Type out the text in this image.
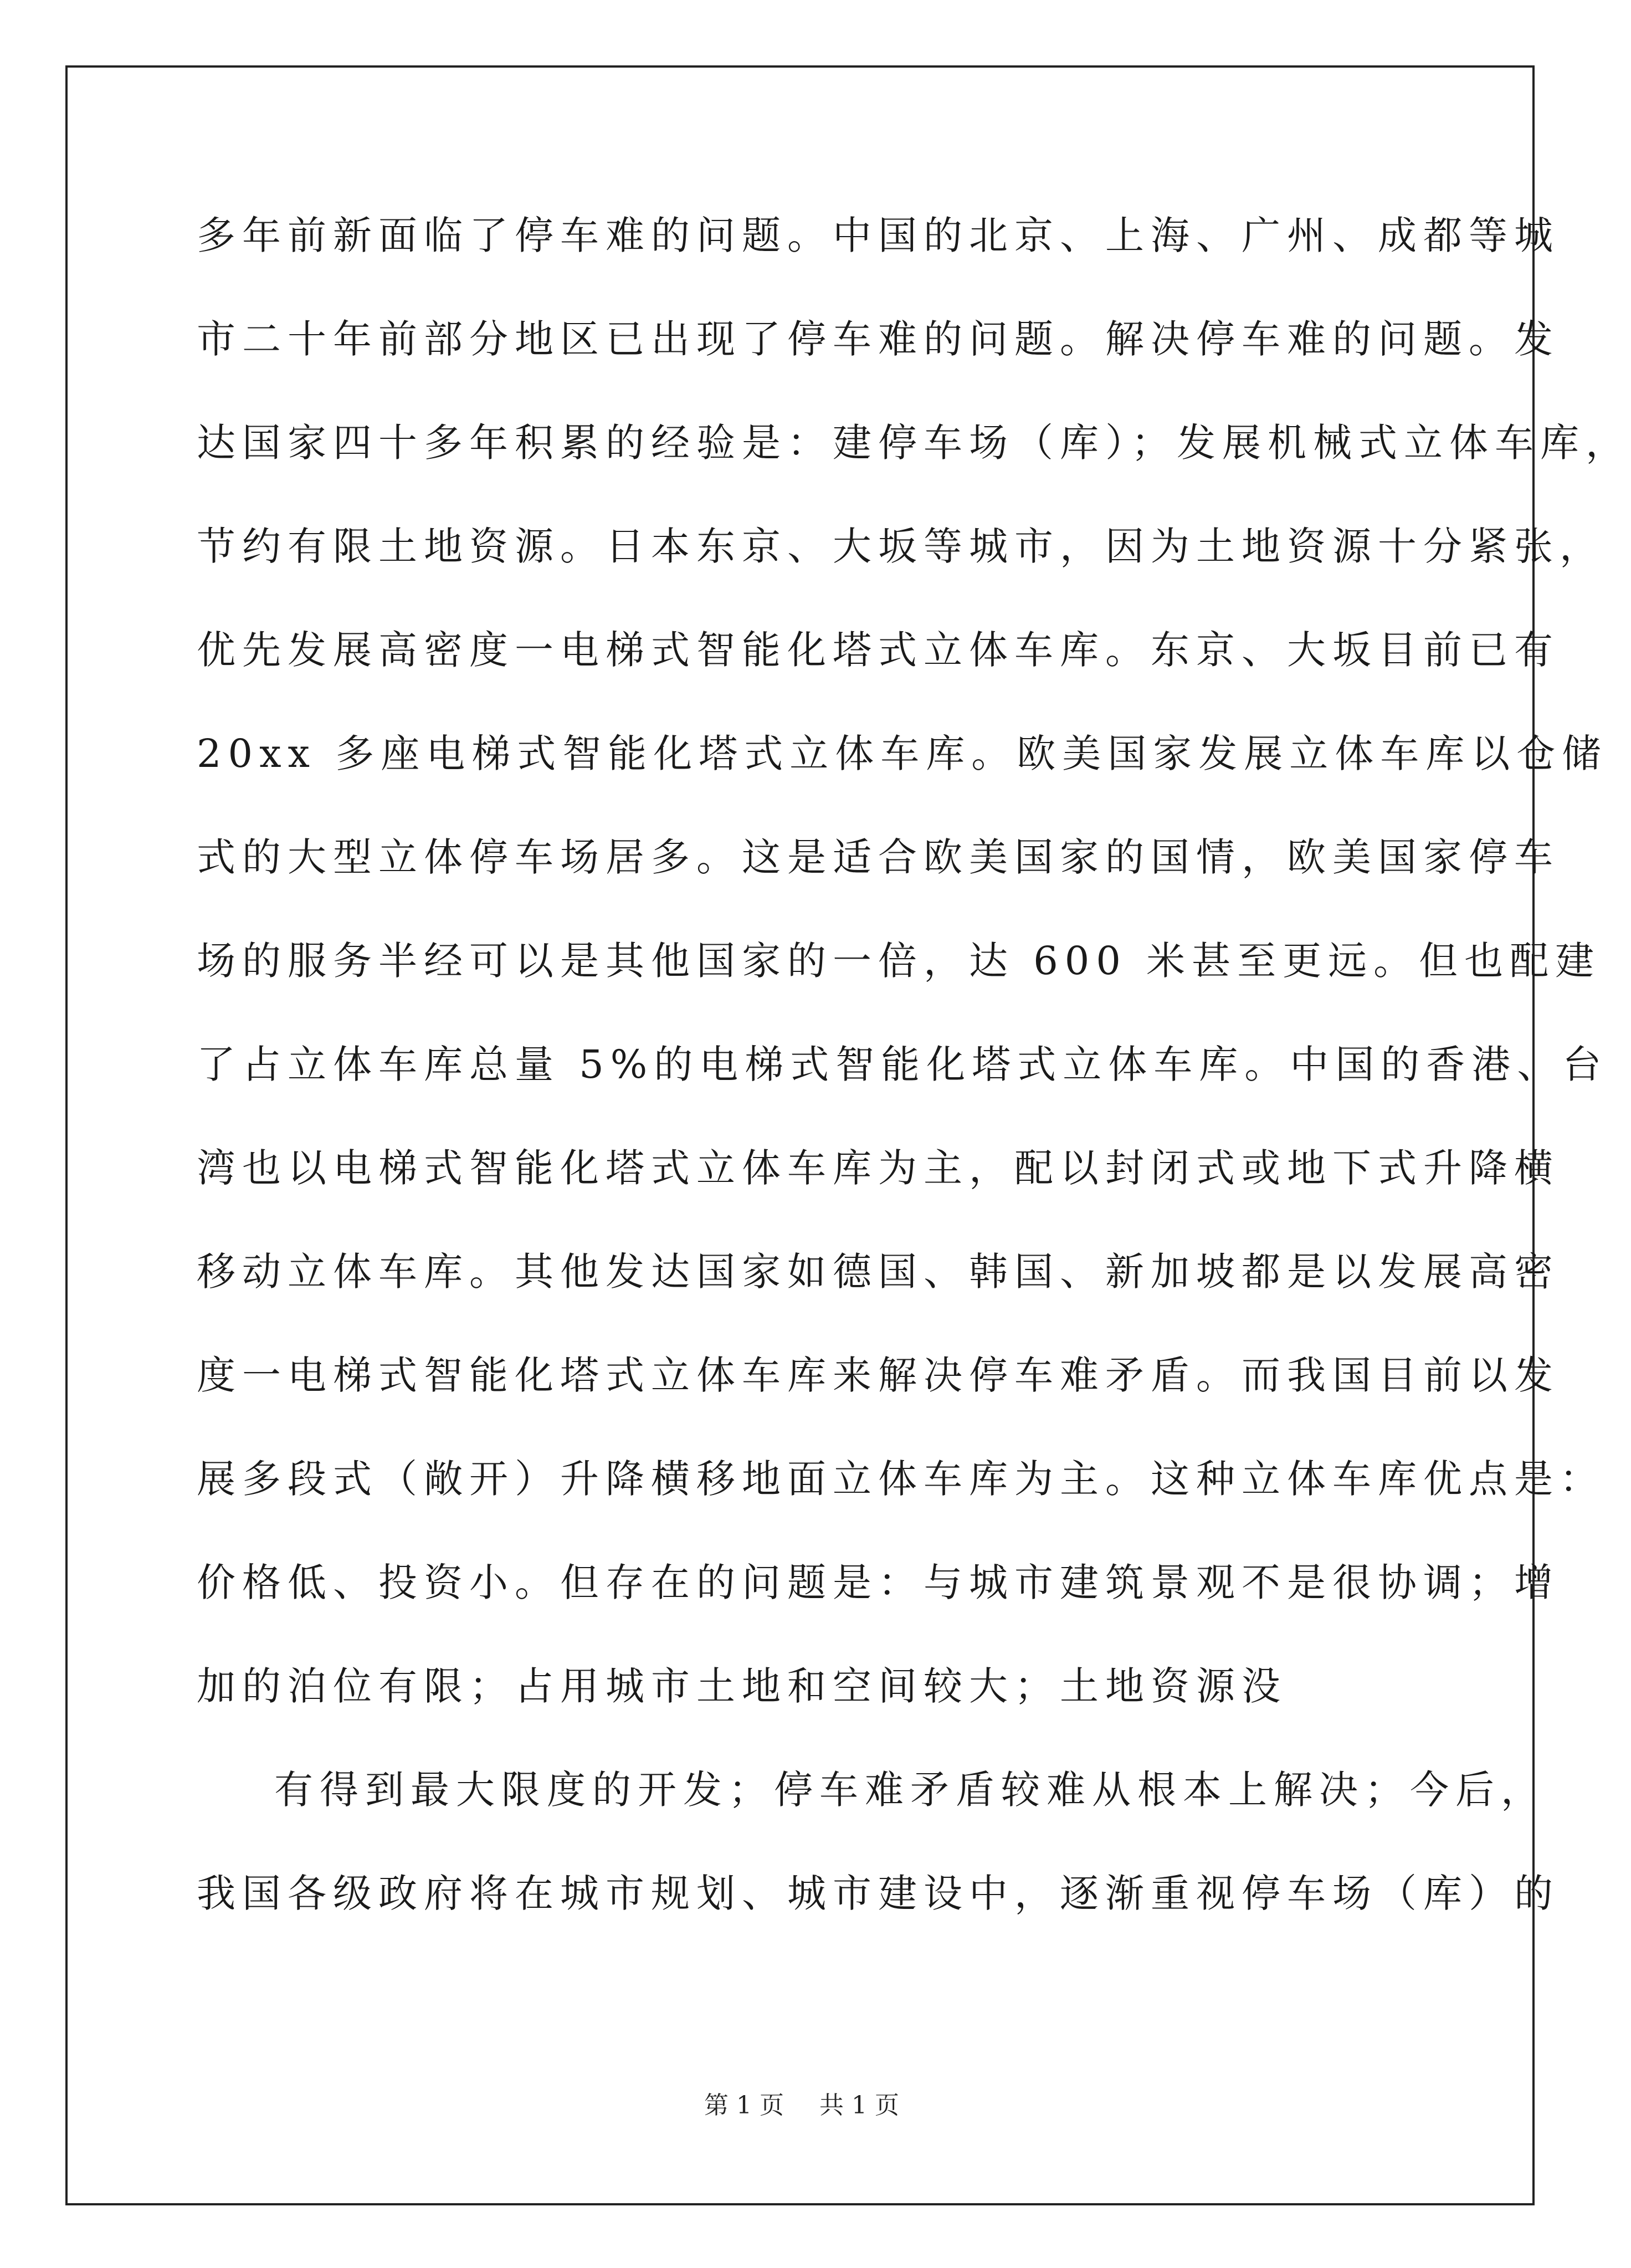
多年前新面临了停车难的问题。中国的北京、上海、广州、成都等城
市二十年前部分地区已出现了停车难的问题。解决停车难的问题。发
达国家四十多年积累的经验是：建停车场（库）；发展机械式立体车库，
节约有限土地资源。日本东京、大坂等城市，因为土地资源十分紧张，
优先发展高密度一电梯式智能化塔式立体车库。东京、大坂目前已有
20xx 多座电梯式智能化塔式立体车库。欧美国家发展立体车库以仓储
式的大型立体停车场居多。这是适合欧美国家的国情，欧美国家停车
场的服务半经可以是其他国家的一倍，达 600 米甚至更远。但也配建
了占立体车库总量 5%的电梯式智能化塔式立体车库。中国的香港、台
湾也以电梯式智能化塔式立体车库为主，配以封闭式或地下式升降横
移动立体车库。其他发达国家如德国、韩国、新加坡都是以发展高密
度一电梯式智能化塔式立体车库来解决停车难矛盾。而我国目前以发
展多段式（敞开）升降横移地面立体车库为主。这种立体车库优点是：
价格低、投资小。但存在的问题是：与城市建筑景观不是很协调；增
加的泊位有限；占用城市土地和空间较大；土地资源没
有得到最大限度的开发；停车难矛盾较难从根本上解决；今后，
我国各级政府将在城市规划、城市建设中，逐渐重视停车场（库）的
第 1 页 共 1 页
